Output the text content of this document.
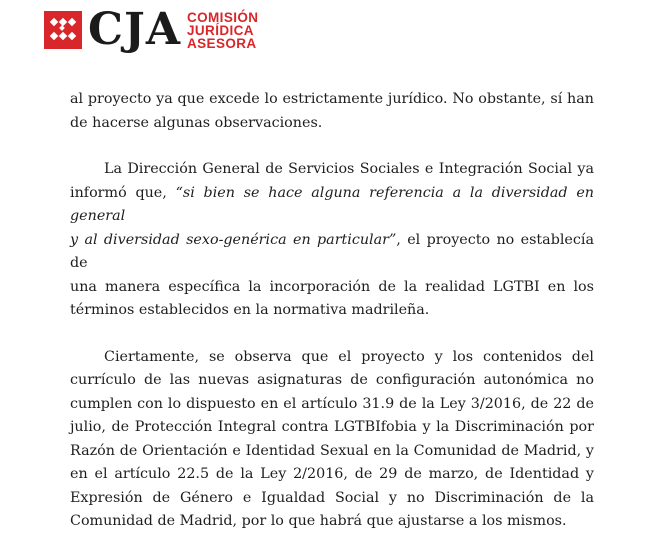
CJA COMISIÓN
JURÍDICA
ASESORA

al proyecto ya que excede lo estrictamente jurídico. No obstante, sí han
de hacerse algunas observaciones.

La Dirección General de Servicios Sociales e Integración Social ya
informó que, “si bien se hace alguna referencia a la diversidad en general
y al diversidad sexo-genérica en particular”, el proyecto no establecía de
una manera específica la incorporación de la realidad LGTBI en los
términos establecidos en la normativa madrileña.

Ciertamente, se observa que el proyecto y los contenidos del
currículo de las nuevas asignaturas de configuración autonómica no
cumplen con lo dispuesto en el artículo 31.9 de la Ley 3/2016, de 22 de
julio, de Protección Integral contra LGTBIfobia y la Discriminación por
Razón de Orientación e Identidad Sexual en la Comunidad de Madrid, y
en el artículo 22.5 de la Ley 2/2016, de 29 de marzo, de Identidad y
Expresión de Género e Igualdad Social y no Discriminación de la
Comunidad de Madrid, por lo que habrá que ajustarse a los mismos.
